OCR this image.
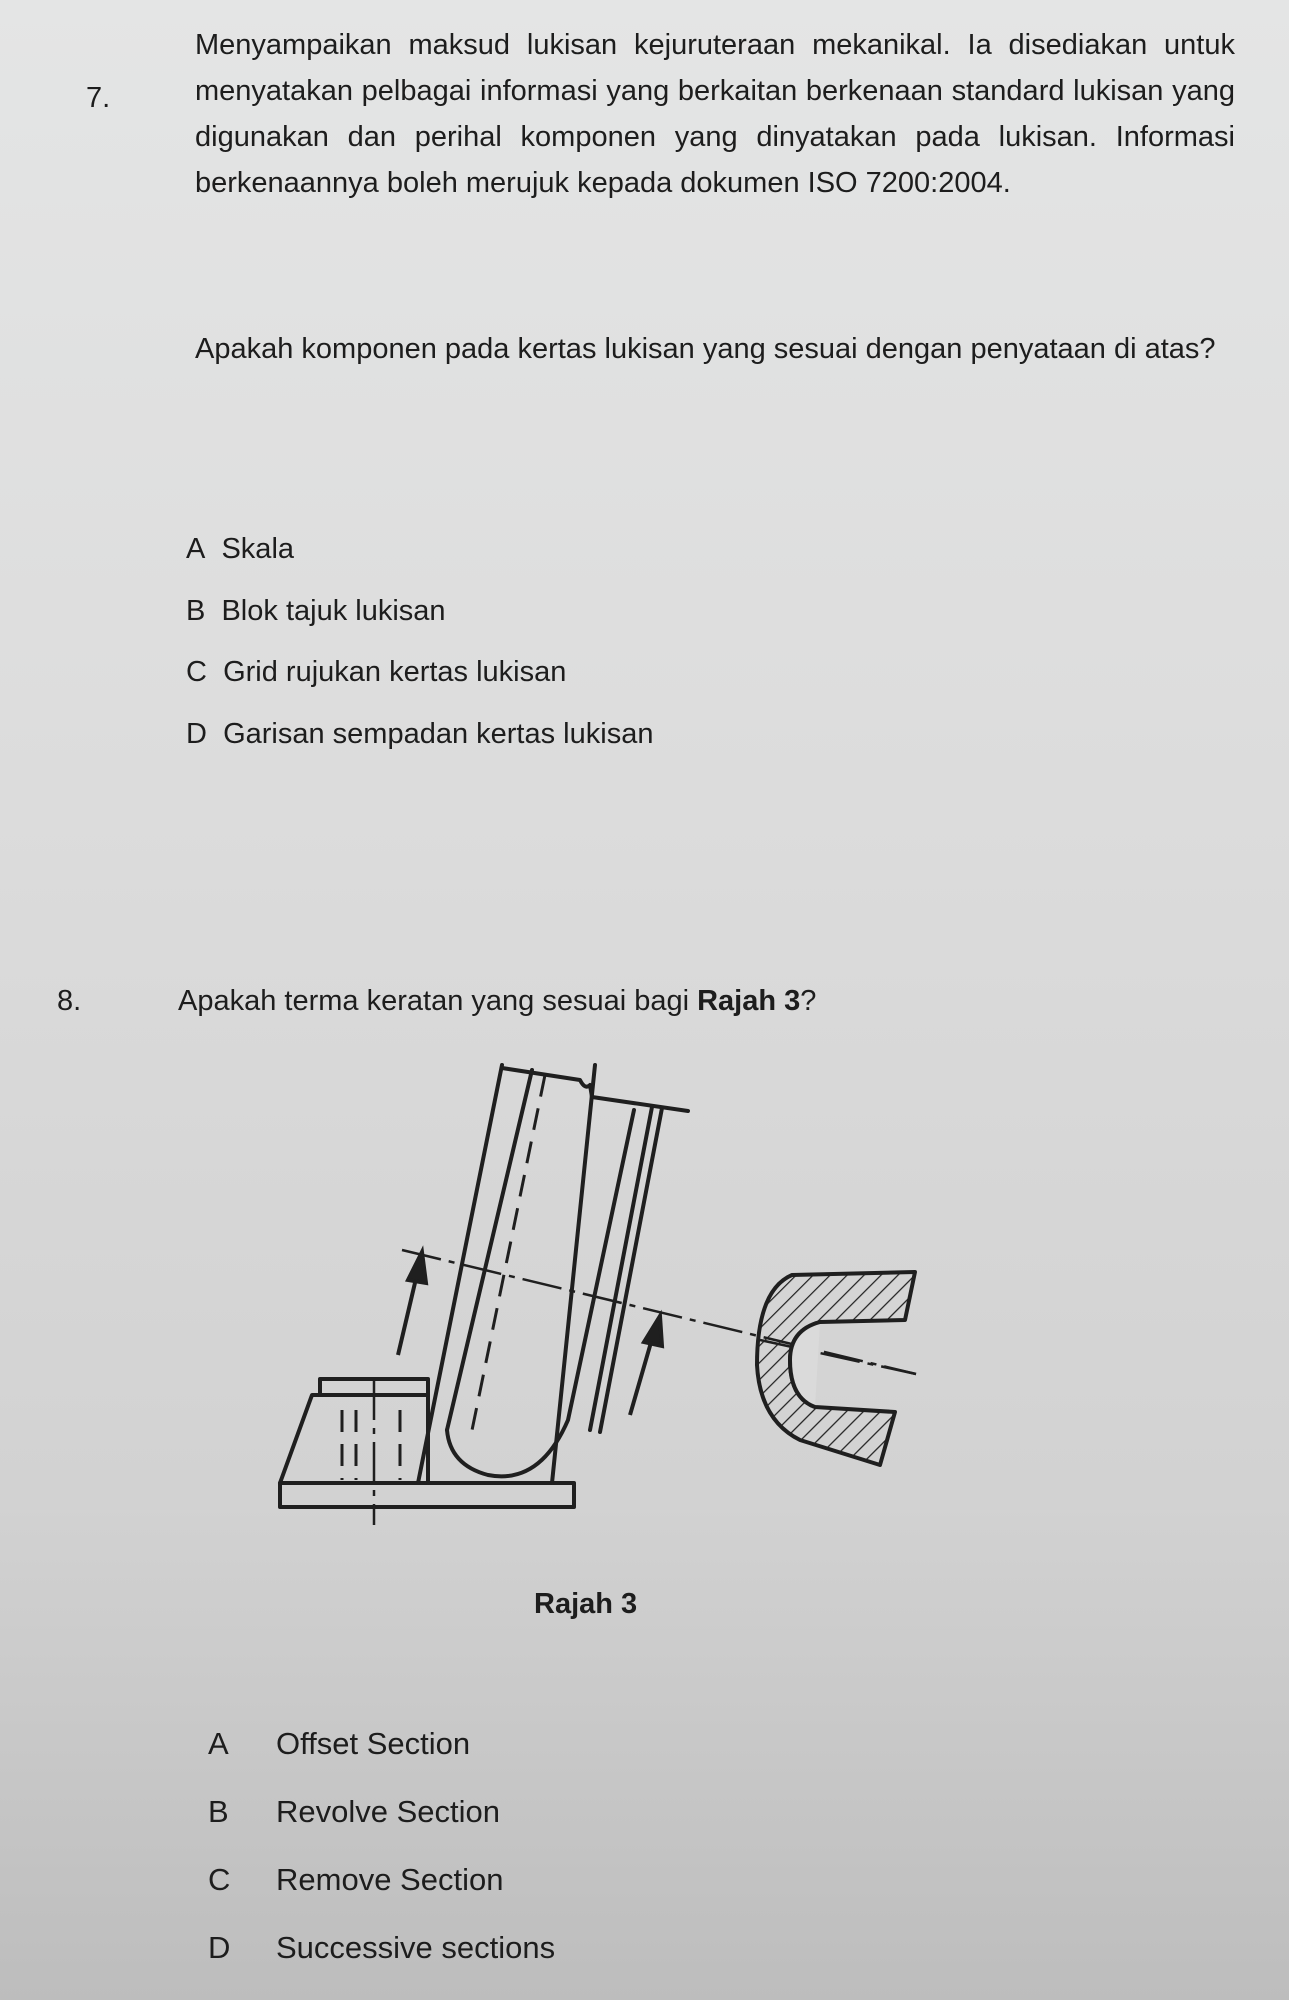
7.
Menyampaikan maksud lukisan kejuruteraan mekanikal. Ia disediakan untuk menyatakan pelbagai informasi yang berkaitan berkenaan standard lukisan yang digunakan dan perihal komponen yang dinyatakan pada lukisan. Informasi berkenaannya boleh merujuk kepada dokumen ISO 7200:2004.
Apakah komponen pada kertas lukisan yang sesuai dengan penyataan di atas?
A  Skala
B  Blok tajuk lukisan
C  Grid rujukan kertas lukisan
D  Garisan sempadan kertas lukisan
8.	Apakah terma keratan yang sesuai bagi Rajah 3?
Rajah 3
A Offset Section
B Revolve Section
C Remove Section
D Successive sections
